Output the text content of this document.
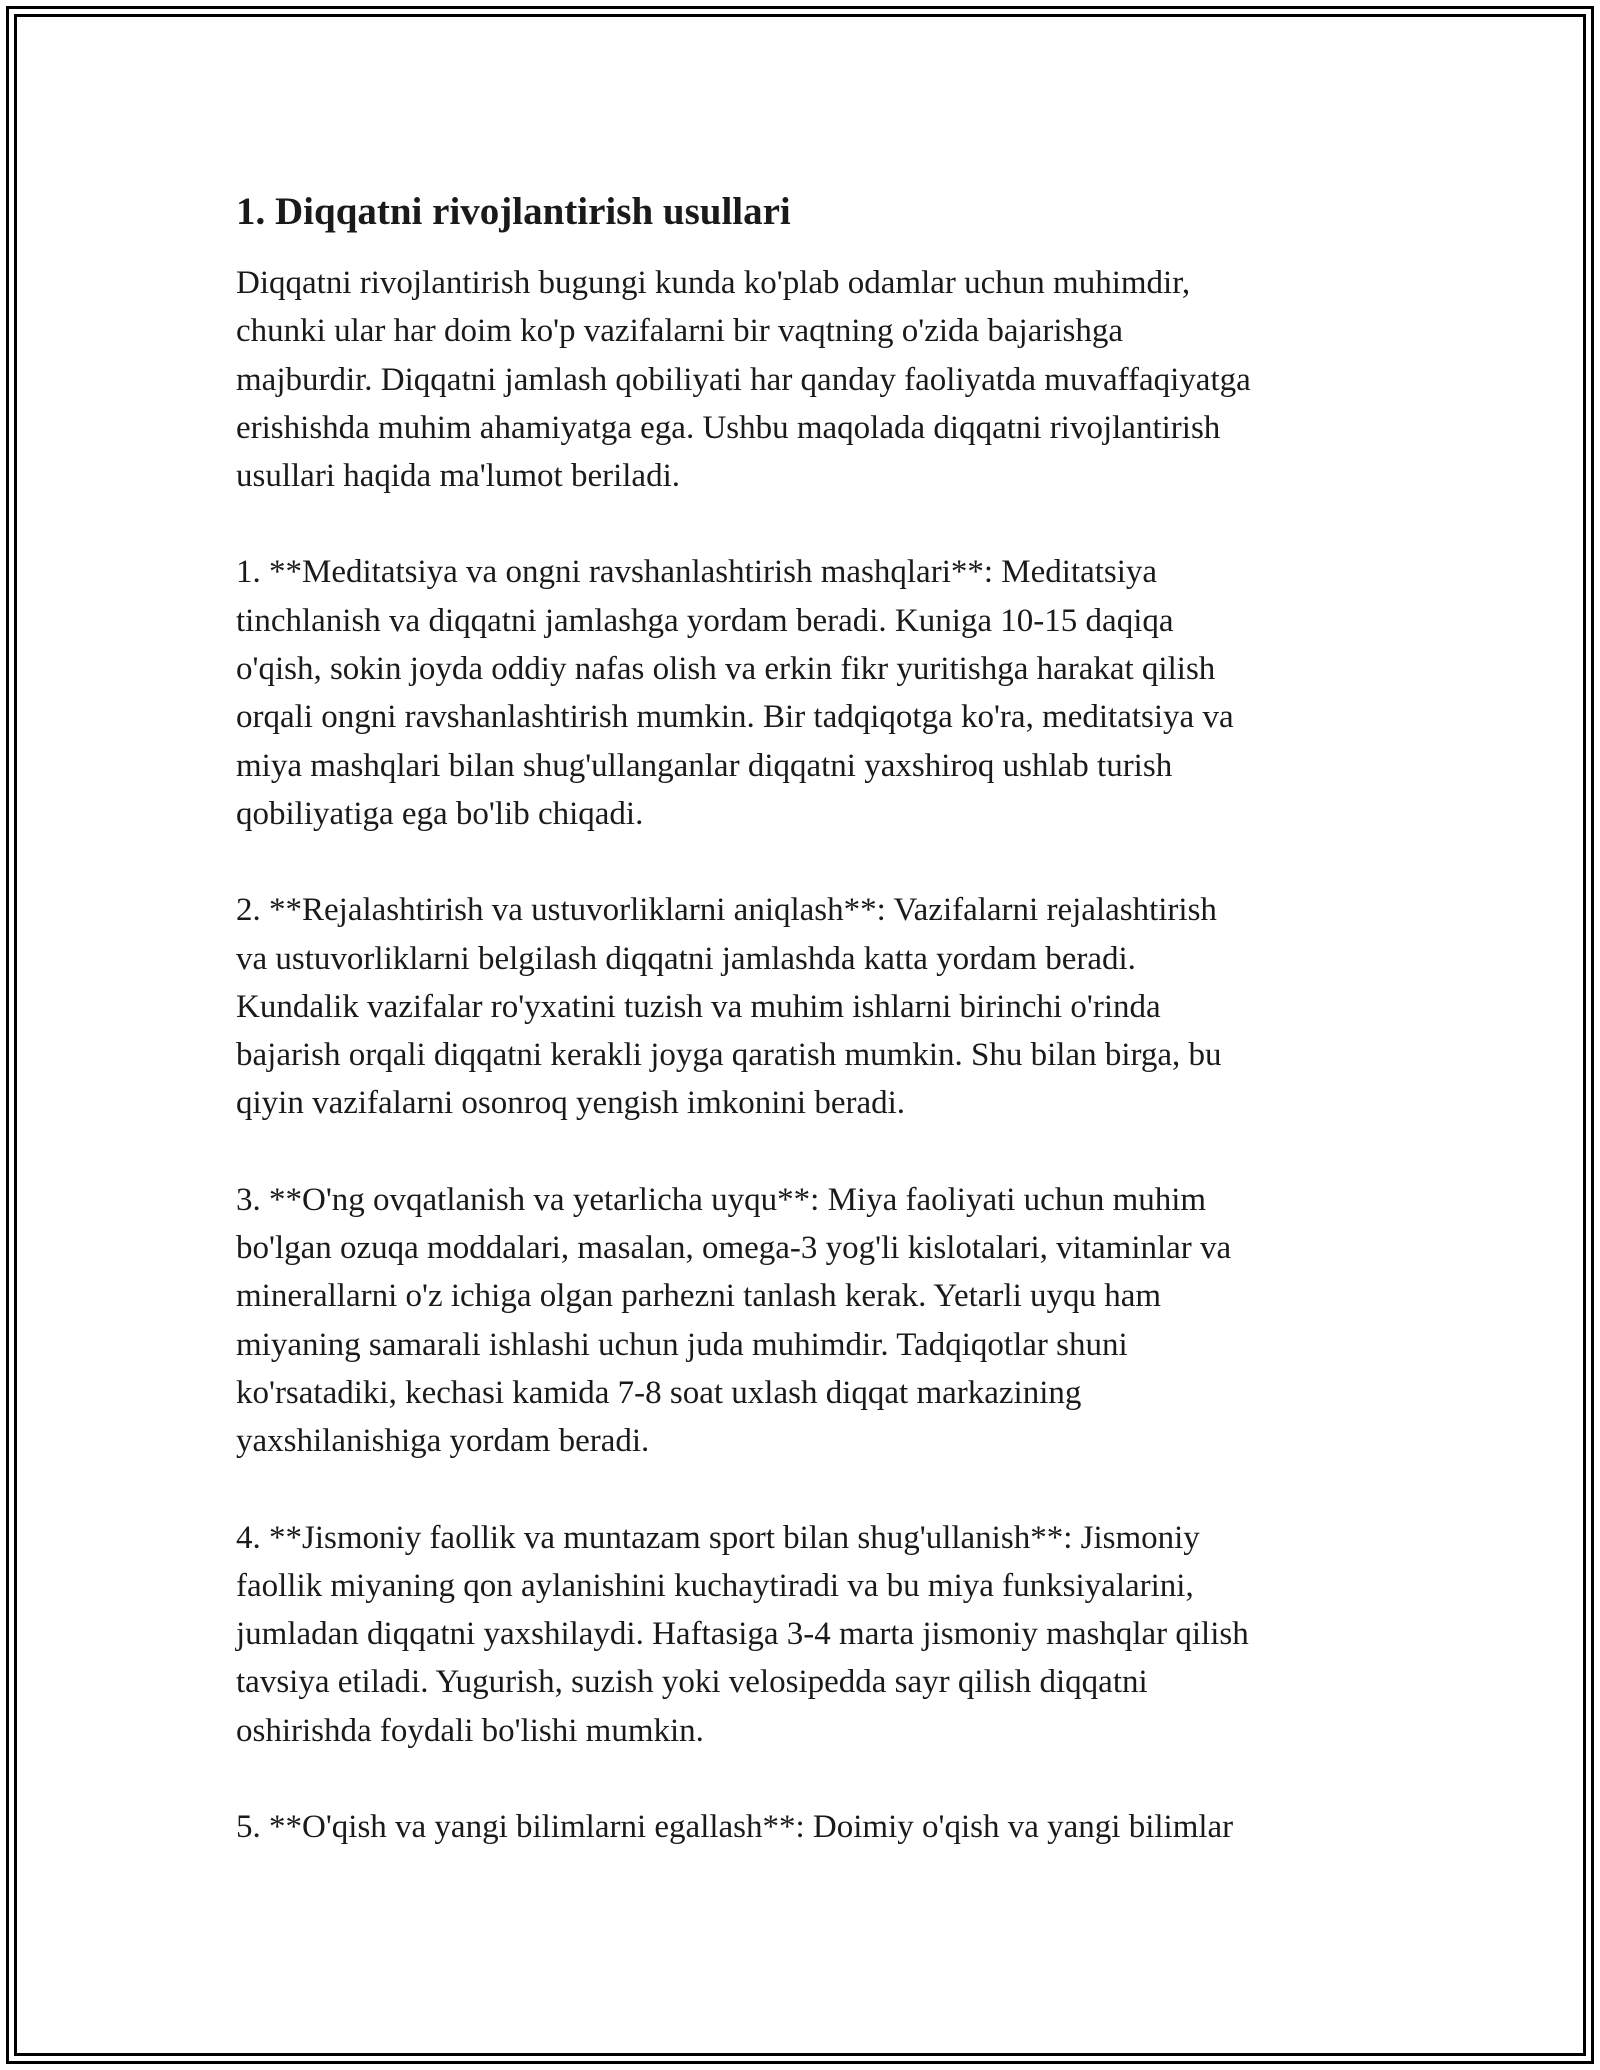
1. Diqqatni rivojlantirish usullari
Diqqatni rivojlantirish bugungi kunda ko'plab odamlar uchun muhimdir,
chunki ular har doim ko'p vazifalarni bir vaqtning o'zida bajarishga
majburdir. Diqqatni jamlash qobiliyati har qanday faoliyatda muvaffaqiyatga
erishishda muhim ahamiyatga ega. Ushbu maqolada diqqatni rivojlantirish
usullari haqida ma'lumot beriladi.
1. **Meditatsiya va ongni ravshanlashtirish mashqlari**: Meditatsiya
tinchlanish va diqqatni jamlashga yordam beradi. Kuniga 10-15 daqiqa
o'qish, sokin joyda oddiy nafas olish va erkin fikr yuritishga harakat qilish
orqali ongni ravshanlashtirish mumkin. Bir tadqiqotga ko'ra, meditatsiya va
miya mashqlari bilan shug'ullanganlar diqqatni yaxshiroq ushlab turish
qobiliyatiga ega bo'lib chiqadi.
2. **Rejalashtirish va ustuvorliklarni aniqlash**: Vazifalarni rejalashtirish
va ustuvorliklarni belgilash diqqatni jamlashda katta yordam beradi.
Kundalik vazifalar ro'yxatini tuzish va muhim ishlarni birinchi o'rinda
bajarish orqali diqqatni kerakli joyga qaratish mumkin. Shu bilan birga, bu
qiyin vazifalarni osonroq yengish imkonini beradi.
3. **O'ng ovqatlanish va yetarlicha uyqu**: Miya faoliyati uchun muhim
bo'lgan ozuqa moddalari, masalan, omega-3 yog'li kislotalari, vitaminlar va
minerallarni o'z ichiga olgan parhezni tanlash kerak. Yetarli uyqu ham
miyaning samarali ishlashi uchun juda muhimdir. Tadqiqotlar shuni
ko'rsatadiki, kechasi kamida 7-8 soat uxlash diqqat markazining
yaxshilanishiga yordam beradi.
4. **Jismoniy faollik va muntazam sport bilan shug'ullanish**: Jismoniy
faollik miyaning qon aylanishini kuchaytiradi va bu miya funksiyalarini,
jumladan diqqatni yaxshilaydi. Haftasiga 3-4 marta jismoniy mashqlar qilish
tavsiya etiladi. Yugurish, suzish yoki velosipedda sayr qilish diqqatni
oshirishda foydali bo'lishi mumkin.
5. **O'qish va yangi bilimlarni egallash**: Doimiy o'qish va yangi bilimlar
